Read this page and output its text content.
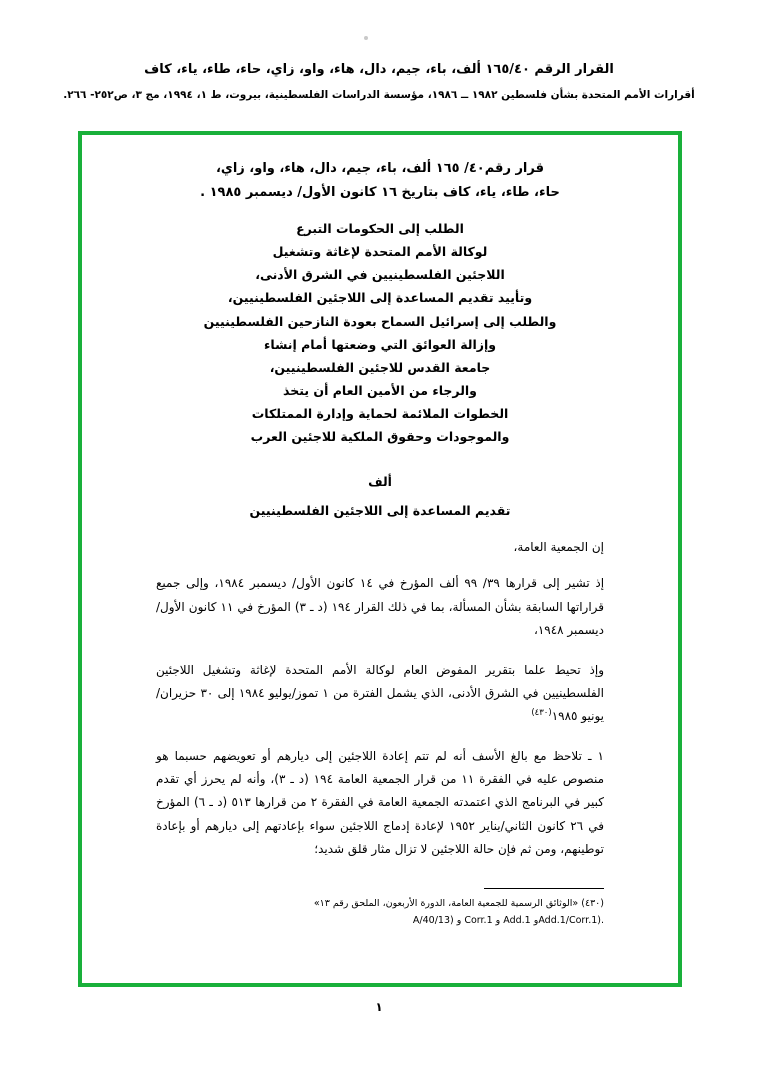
القرار الرقم ١٦٥/٤٠ ألف، باء، جيم، دال، هاء، واو، زاي، حاء، طاء، ياء، كاف
أقرارات الأمم المتحدة بشأن فلسطين ١٩٨٢ ــ ١٩٨٦، مؤسسة الدراسات الفلسطينية، بيروت، ط ١، ١٩٩٤، مج ٣، ص٢٥٢- ٢٦٦.
قرار رقم٤٠/ ١٦٥ ألف، باء، جيم، دال، هاء، واو، زاي،
حاء، طاء، ياء، كاف بتاريخ ١٦ كانون الأول/ ديسمبر ١٩٨٥ .
الطلب إلى الحكومات التبرع
لوكالة الأمم المتحدة لإغاثة وتشغيل
اللاجئين الفلسطينيين في الشرق الأدنى،
وتأييد تقديم المساعدة إلى اللاجئين الفلسطينيين،
والطلب إلى إسرائيل السماح بعودة النازحين الفلسطينيين
وإزالة العوائق التي وضعتها أمام إنشاء
جامعة القدس للاجئين الفلسطينيين،
والرجاء من الأمين العام أن يتخذ
الخطوات الملائمة لحماية وإدارة الممتلكات
والموجودات وحقوق الملكية للاجئين العرب
ألف
تقديم المساعدة إلى اللاجئين الفلسطينيين
إن الجمعية العامة،
إذ تشير إلى قرارها ٣٩/ ٩٩ ألف المؤرخ في ١٤ كانون الأول/ ديسمبر ١٩٨٤، وإلى جميع قراراتها السابقة بشأن المسألة، بما في ذلك القرار ١٩٤ (د ـ ٣) المؤرخ في ١١ كانون الأول/ديسمبر ١٩٤٨،
وإذ تحيط علما بتقرير المفوض العام لوكالة الأمم المتحدة لإغاثة وتشغيل اللاجئين الفلسطينيين في الشرق الأدنى، الذي يشمل الفترة من ١ تموز/يوليو ١٩٨٤ إلى ٣٠ حزيران/يونيو ١٩٨٥$^{(٤٣٠)}$
١ ـ تلاحظ مع بالغ الأسف أنه لم تتم إعادة اللاجئين إلى ديارهم أو تعويضهم حسبما هو منصوص عليه في الفقرة ١١ من قرار الجمعية العامة ١٩٤ (د ـ ٣)، وأنه لم يحرز أي تقدم كبير في البرنامج الذي اعتمدته الجمعية العامة في الفقرة ٢ من قرارها ٥١٣ (د ـ ٦) المؤرخ في ٢٦ كانون الثاني/يناير ١٩٥٢ لإعادة إدماج اللاجئين سواء بإعادتهم إلى ديارهم أو بإعادة توطينهم، ومن ثم فإن حالة اللاجئين لا تزال مثار قلق شديد؛
(٤٣٠) «الوثائق الرسمية للجمعية العامة، الدورة الأربعون، الملحق رقم ١٣»
A/40/13) و Corr.1 و Add.1 وAdd.1/Corr.1).
١
